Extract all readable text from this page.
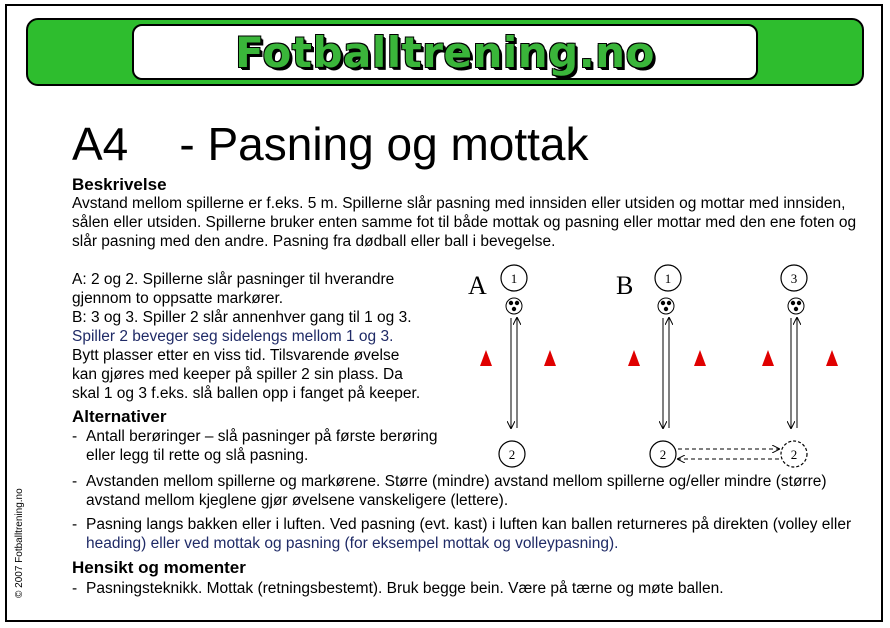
Fotballtrening.no
A4    - Pasning og mottak
Beskrivelse
Avstand mellom spillerne er f.eks. 5 m. Spillerne slår pasning med innsiden eller utsiden og mottar med innsiden,
sålen eller utsiden. Spillerne bruker enten samme fot til både mottak og pasning eller mottar med den ene foten og
slår pasning med den andre. Pasning fra dødball eller ball i bevegelse.
A: 2 og 2. Spillerne slår pasninger til hverandre
gjennom to oppsatte markører.
B: 3 og 3. Spiller 2 slår annenhver gang til 1 og 3.
Spiller 2 beveger seg sidelengs mellom 1 og 3.
Bytt plasser etter en viss tid. Tilsvarende øvelse
kan gjøres med keeper på spiller 2 sin plass. Da
skal 1 og 3 f.eks. slå ballen opp i fanget på keeper.
Alternativer
- Antall berøringer – slå pasninger på første berøring
eller legg til rette og slå pasning.
- Avstanden mellom spillerne og markørene. Større (mindre) avstand mellom spillerne og/eller mindre (større)
avstand mellom kjeglene gjør øvelsene vanskeligere (lettere).
- Pasning langs bakken eller i luften. Ved pasning (evt. kast) i luften kan ballen returneres på direkten (volley eller
heading) eller ved mottak og pasning (for eksempel mottak og volleypasning).
Hensikt og momenter
- Pasningsteknikk. Mottak (retningsbestemt). Bruk begge bein. Være på tærne og møte ballen.
© 2007 Fotballtrening.no
A	B
1
2
1
2
3
2
